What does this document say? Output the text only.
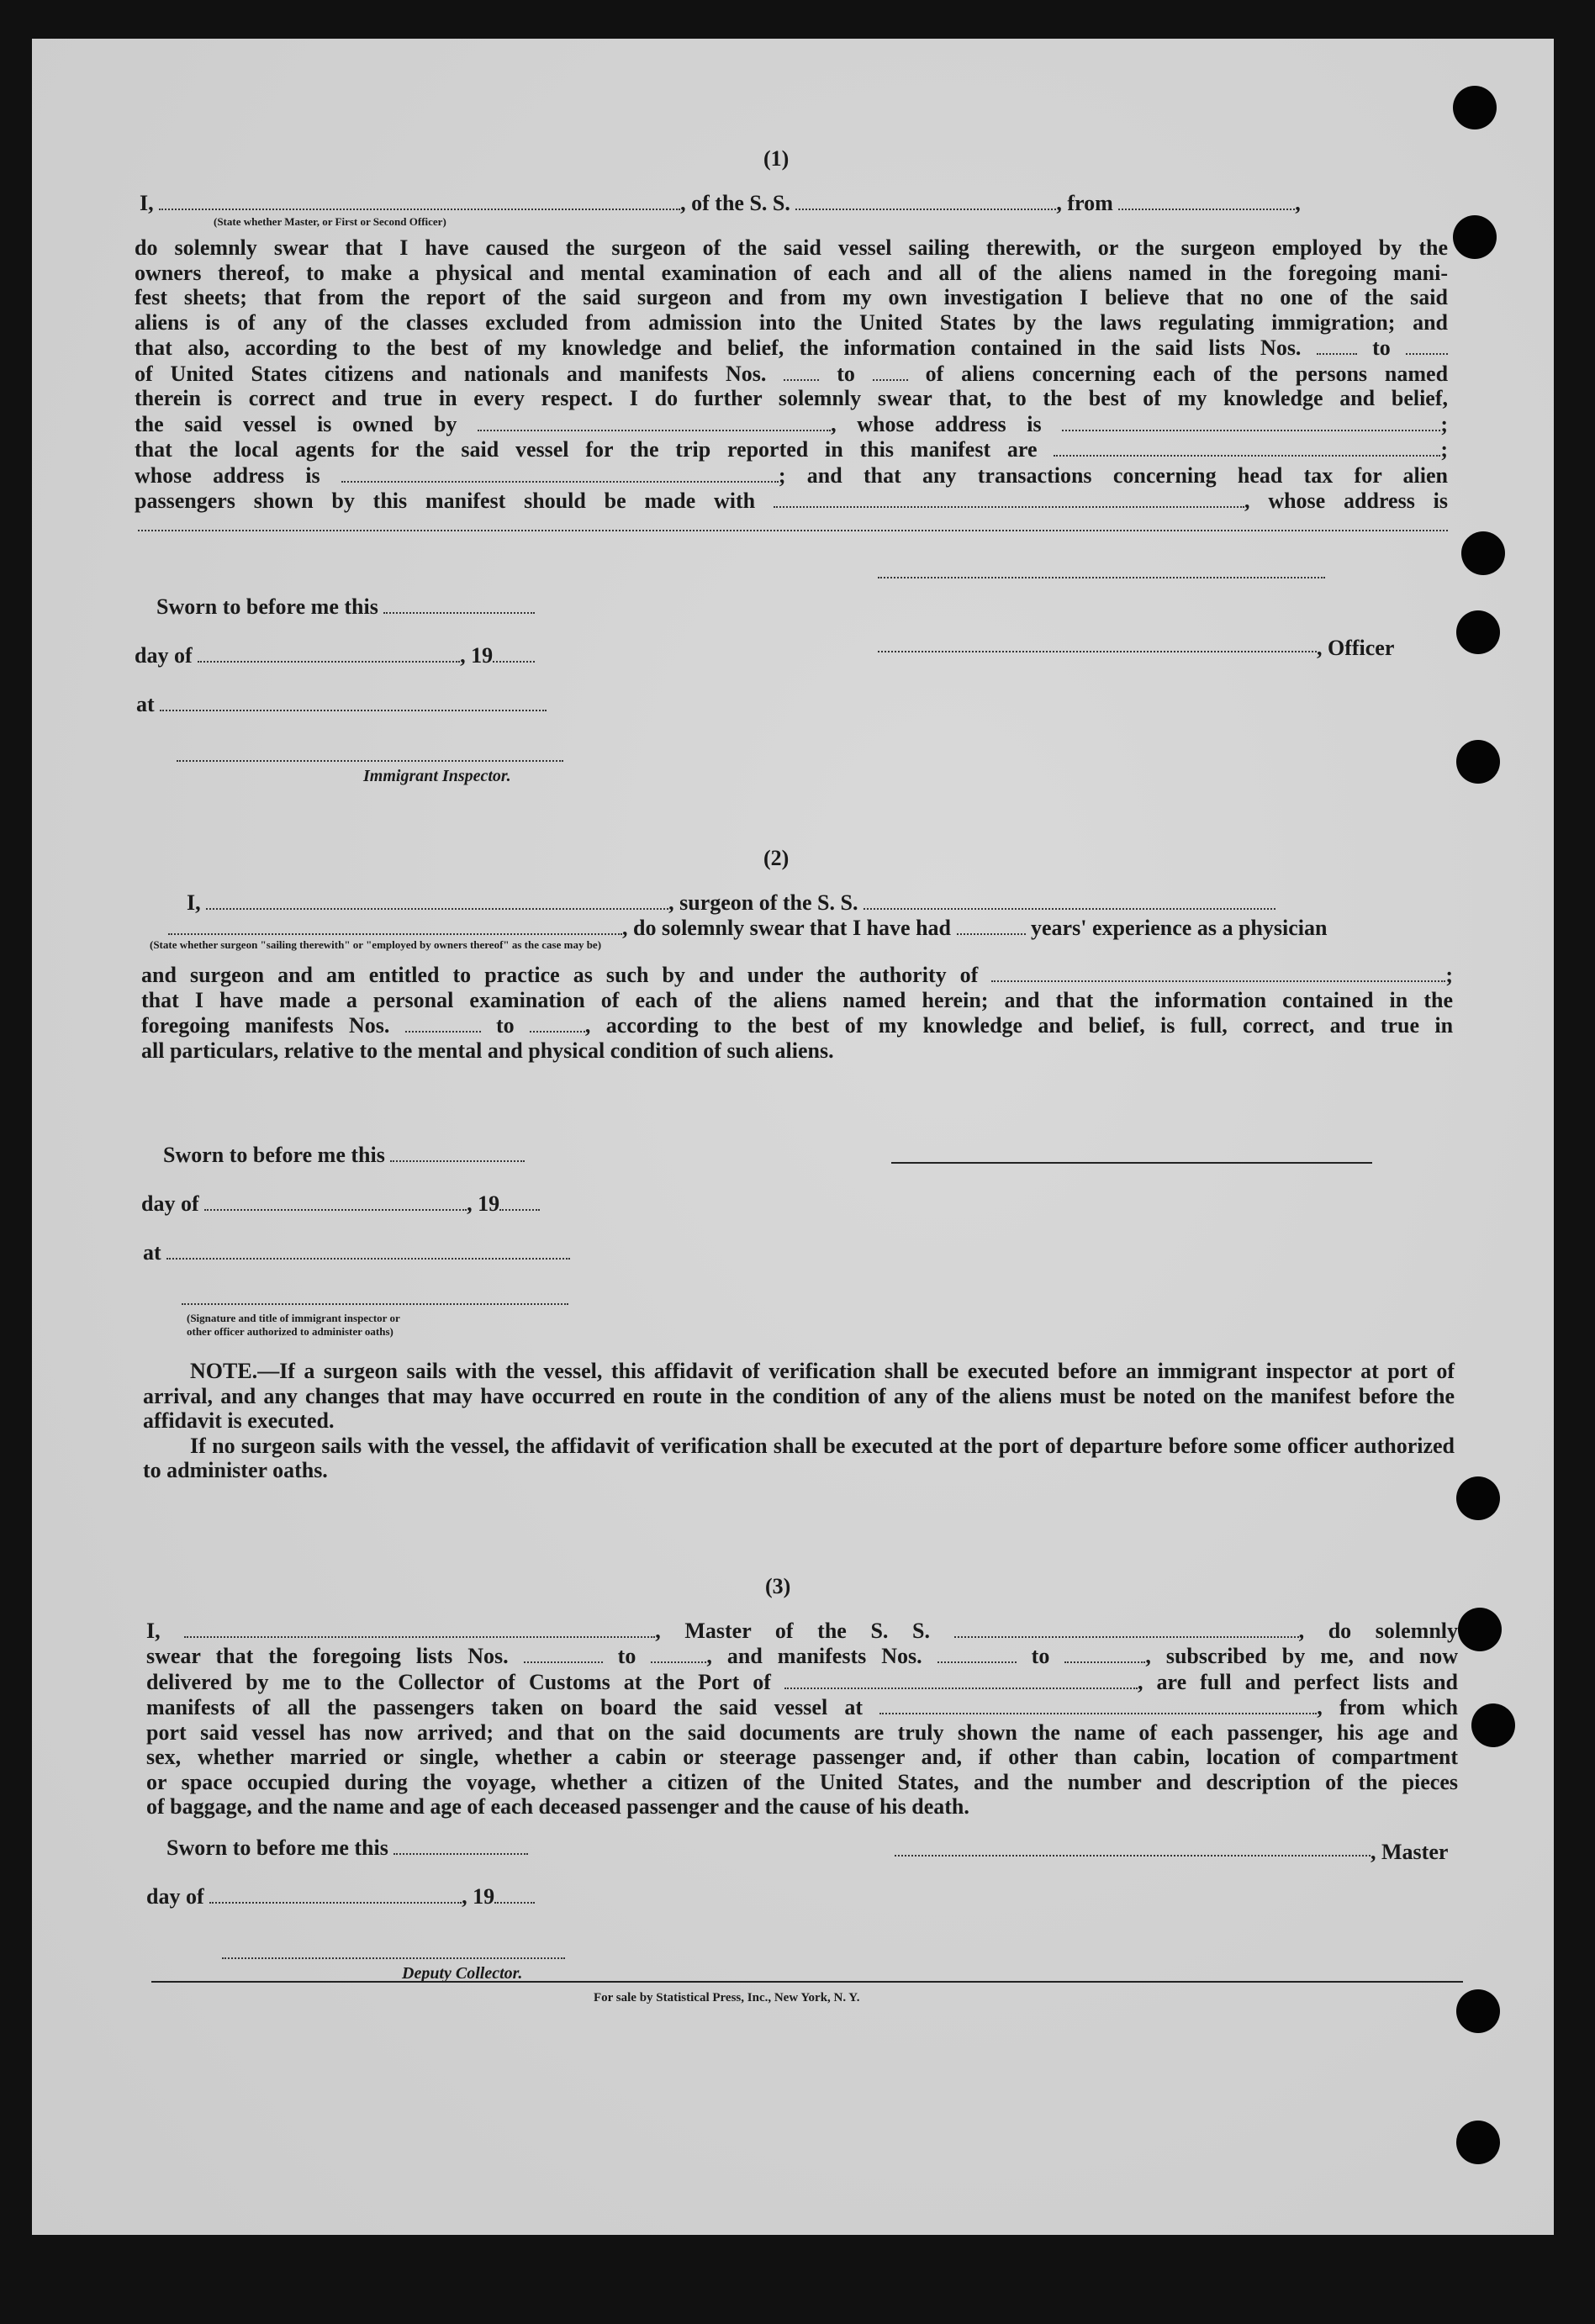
(1)
I,	, of the S. S.	, from	,
(State whether Master, or First or Second Officer)

do solemnly swear that I have caused the surgeon of the said vessel sailing therewith, or the surgeon employed by the

owners thereof, to make a physical and mental examination of each and all of the aliens named in the foregoing mani-

fest sheets; that from the report of the said surgeon and from my own investigation I believe that no one of the said

aliens is of any of the classes excluded from admission into the United States by the laws regulating immigration; and

that also, according to the best of my knowledge and belief, the information contained in the said lists Nos.	to

of United States citizens and nationals and manifests Nos.	to	of aliens concerning each of the persons named

therein is correct and true in every respect. I do further solemnly swear that, to the best of my knowledge and belief,

the said vessel is owned by	, whose address is	;

that the local agents for the said vessel for the trip reported in this manifest are	;

whose address is	; and that any transactions concerning head tax for alien

passengers shown by this manifest should be made with	, whose address is

Sworn to before me this
day of	, 19
at
Immigrant Inspector.
, Officer
(2)
I,	, surgeon of the S. S.
, do solemnly swear that I have had	years' experience as a physician
(State whether surgeon "sailing therewith" or "employed by owners thereof" as the case may be)

and surgeon and am entitled to practice as such by and under the authority of	;

that I have made a personal examination of each of the aliens named herein; and that the information contained in the

foregoing manifests Nos.	to	, according to the best of my knowledge and belief, is full, correct, and true in

all particulars, relative to the mental and physical condition of such aliens.

Sworn to before me this
day of	, 19
at
(Signature and title of immigrant inspector or
other officer authorized to administer oaths)

NOTE.—If a surgeon sails with the vessel, this affidavit of verification shall be executed before an immigrant inspector at port of arrival, and any changes that may have occurred en route in the condition of any of the aliens must be noted on the manifest before the affidavit is executed.

If no surgeon sails with the vessel, the affidavit of verification shall be executed at the port of departure before some officer authorized to administer oaths.

(3)
I,	, Master of the S. S.	, do solemnly

swear that the foregoing lists Nos.	to	, and manifests Nos.	to	, subscribed by me, and now

delivered by me to the Collector of Customs at the Port of	, are full and perfect lists and

manifests of all the passengers taken on board the said vessel at	, from which

port said vessel has now arrived; and that on the said documents are truly shown the name of each passenger, his age and

sex, whether married or single, whether a cabin or steerage passenger and, if other than cabin, location of compartment

or space occupied during the voyage, whether a citizen of the United States, and the number and description of the pieces

of baggage, and the name and age of each deceased passenger and the cause of his death.

Sworn to before me this
day of	, 19
Deputy Collector.
, Master
For sale by Statistical Press, Inc., New York, N. Y.
